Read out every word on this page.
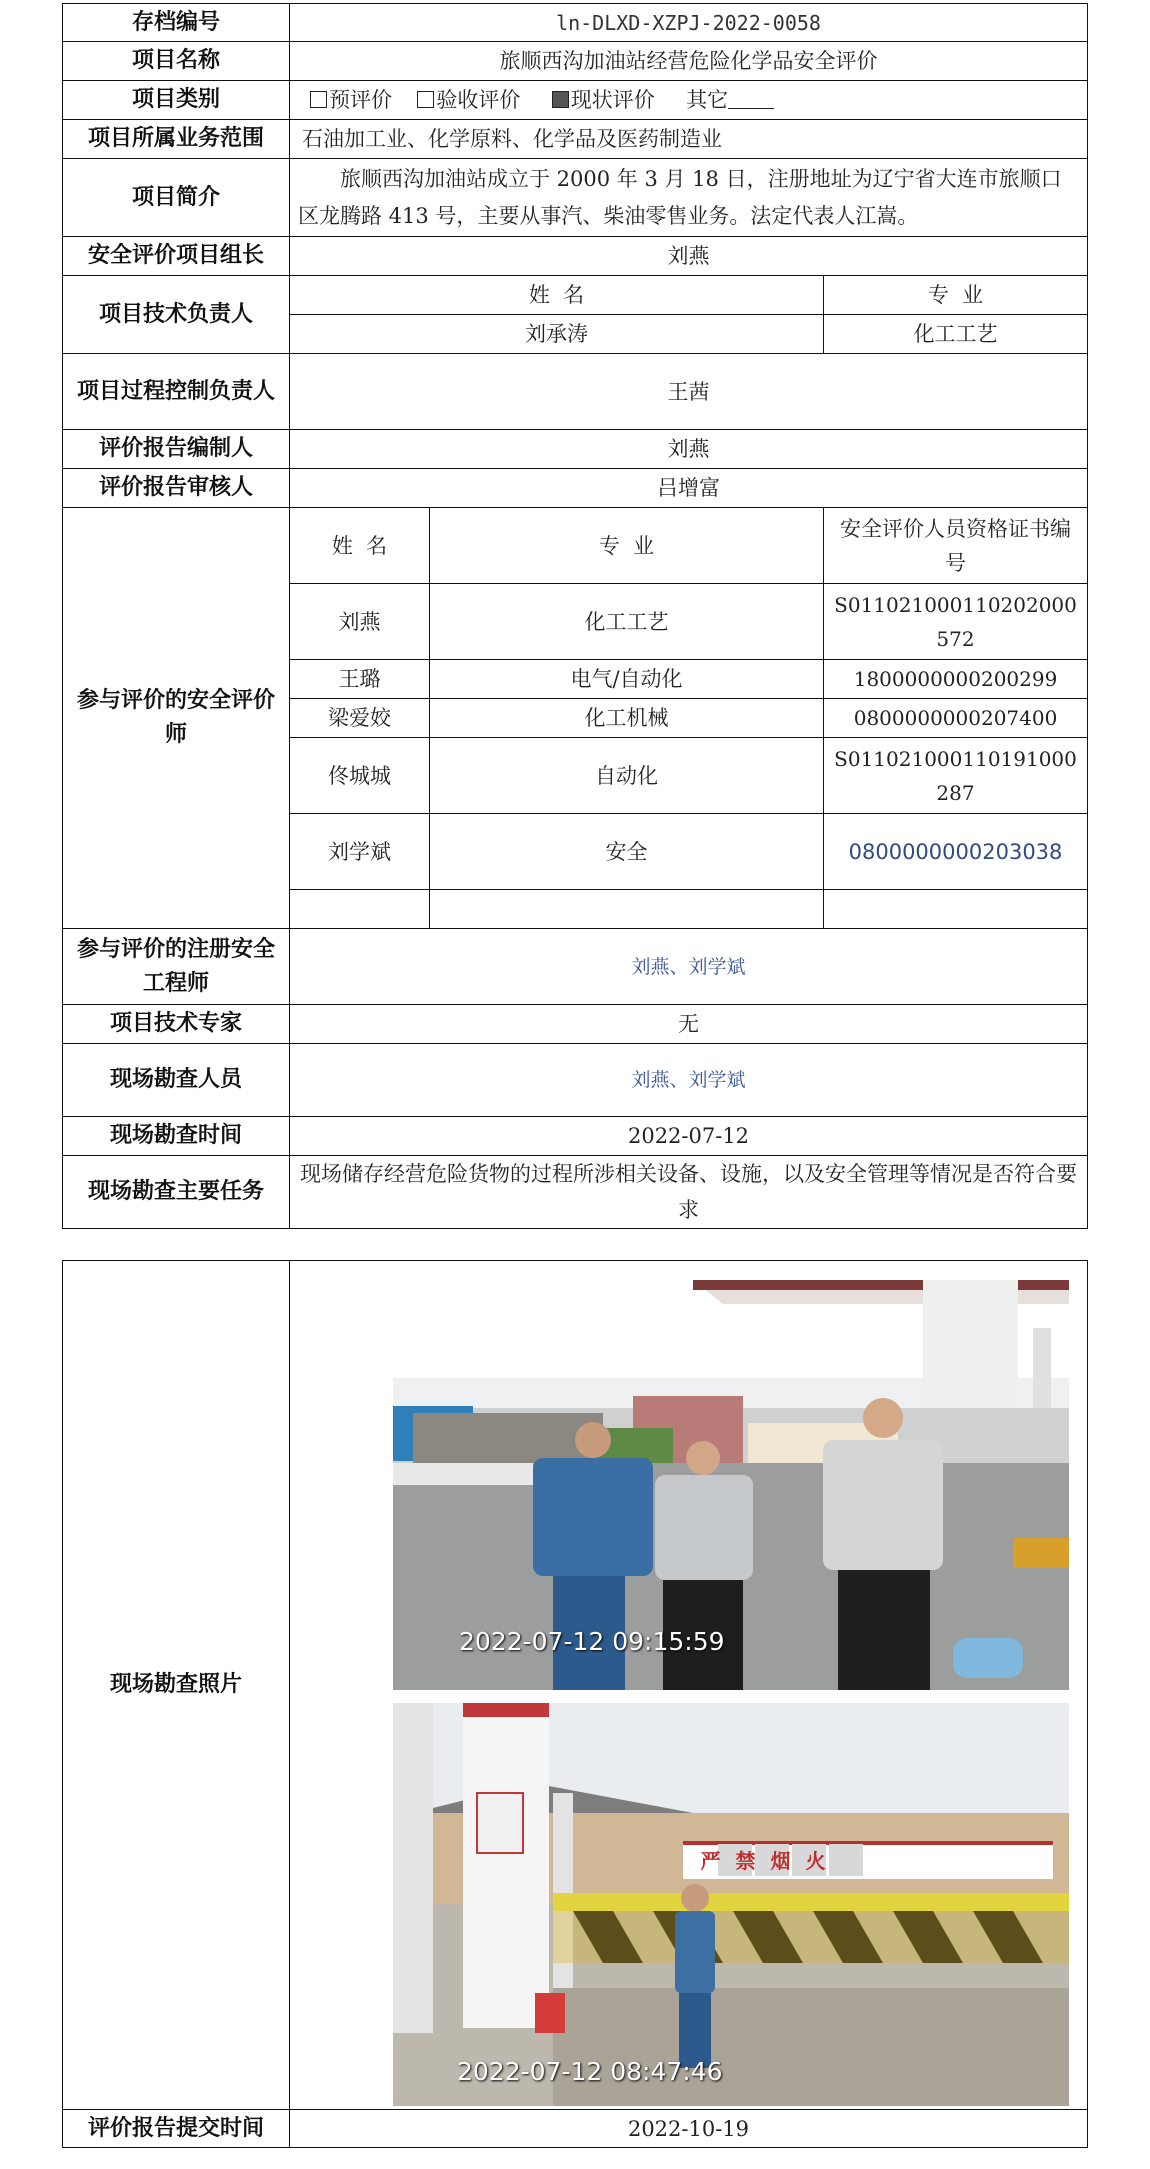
存档编号	ln-DLXD-XZPJ-2022-0058		
项目名称	旅顺西沟加油站经营危险化学品安全评价		
项目类别	预评价 验收评价 现状评价 其它		
项目所属业务范围	石油加工业、化学原料、化学品及医药制造业		
项目简介	旅顺西沟加油站成立于 2000 年 3 月 18 日，注册地址为辽宁省大连市旅顺口区龙腾路 413 号，主要从事汽、柴油零售业务。法定代表人江嵩。		
安全评价项目组长	刘燕		
项目技术负责人	姓  名		专  业
	刘承涛		化工工艺
项目过程控制负责人	王茜		
评价报告编制人	刘燕		
评价报告审核人	吕增富		
参与评价的安全评价师	姓  名	专  业	安全评价人员资格证书编号
	刘燕	化工工艺	S011021000110202000572
	王璐	电气/自动化	1800000000200299
	梁爱姣	化工机械	0800000000207400
	佟城城	自动化	S011021000110191000287
	刘学斌	安全	0800000000203038

参与评价的注册安全工程师	刘燕、刘学斌		
项目技术专家	无		
现场勘查人员	刘燕、刘学斌		
现场勘查时间	2022-07-12		
现场勘查主要任务	现场储存经营危险货物的过程所涉相关设备、设施，以及安全管理等情况是否符合要求		
现场勘查照片	
评价报告提交时间	2022-10-19
2022-07-12 09:15:59
严 禁 烟 火
2022-07-12 08:47:46
